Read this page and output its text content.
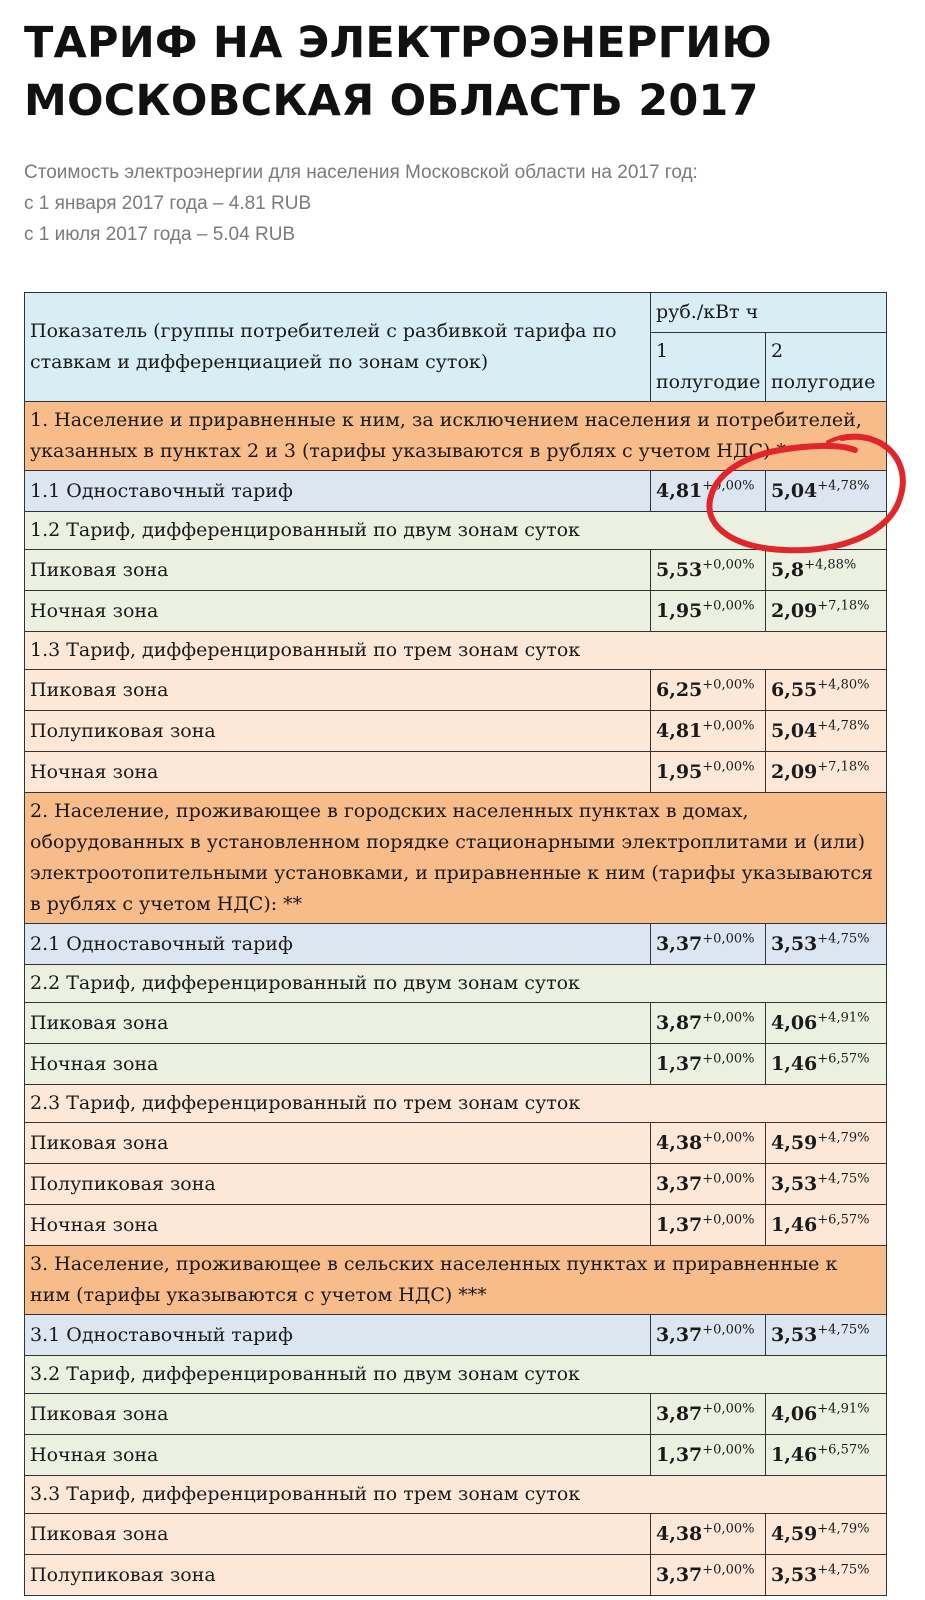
ТАРИФ НА ЭЛЕКТРОЭНЕРГИЮ
МОСКОВСКАЯ ОБЛАСТЬ 2017
Стоимость электроэнергии для населения Московской области на 2017 год:
с 1 января 2017 года – 4.81 RUB
с 1 июля 2017 года – 5.04 RUB
Показатель (группы потребителей с разбивкой тарифа по ставкам и дифференциацией по зонам суток)	руб./кВт ч	
	1 полугодие	2 полугодие
1. Население и приравненные к ним, за исключением населения и потребителей, указанных в пунктах 2 и 3 (тарифы указываются в рублях с учетом НДС) *		
1.1 Одноставочный тариф	$4,81^{+0,00\%}$	$5,04^{+4,78\%}$
1.2 Тариф, дифференцированный по двум зонам суток		
Пиковая зона	$5,53^{+0,00\%}$	$5,8^{+4,88\%}$
Ночная зона	$1,95^{+0,00\%}$	$2,09^{+7,18\%}$
1.3 Тариф, дифференцированный по трем зонам суток		
Пиковая зона	$6,25^{+0,00\%}$	$6,55^{+4,80\%}$
Полупиковая зона	$4,81^{+0,00\%}$	$5,04^{+4,78\%}$
Ночная зона	$1,95^{+0,00\%}$	$2,09^{+7,18\%}$
2. Население, проживающее в городских населенных пунктах в домах, оборудованных в установленном порядке стационарными электроплитами и (или) электроотопительными установками, и приравненные к ним (тарифы указываются в рублях с учетом НДС): **		
2.1 Одноставочный тариф	$3,37^{+0,00\%}$	$3,53^{+4,75\%}$
2.2 Тариф, дифференцированный по двум зонам суток		
Пиковая зона	$3,87^{+0,00\%}$	$4,06^{+4,91\%}$
Ночная зона	$1,37^{+0,00\%}$	$1,46^{+6,57\%}$
2.3 Тариф, дифференцированный по трем зонам суток		
Пиковая зона	$4,38^{+0,00\%}$	$4,59^{+4,79\%}$
Полупиковая зона	$3,37^{+0,00\%}$	$3,53^{+4,75\%}$
Ночная зона	$1,37^{+0,00\%}$	$1,46^{+6,57\%}$
3. Население, проживающее в сельских населенных пунктах и приравненные к ним (тарифы указываются с учетом НДС) ***		
3.1 Одноставочный тариф	$3,37^{+0,00\%}$	$3,53^{+4,75\%}$
3.2 Тариф, дифференцированный по двум зонам суток		
Пиковая зона	$3,87^{+0,00\%}$	$4,06^{+4,91\%}$
Ночная зона	$1,37^{+0,00\%}$	$1,46^{+6,57\%}$
3.3 Тариф, дифференцированный по трем зонам суток		
Пиковая зона	$4,38^{+0,00\%}$	$4,59^{+4,79\%}$
Полупиковая зона	$3,37^{+0,00\%}$	$3,53^{+4,75\%}$
